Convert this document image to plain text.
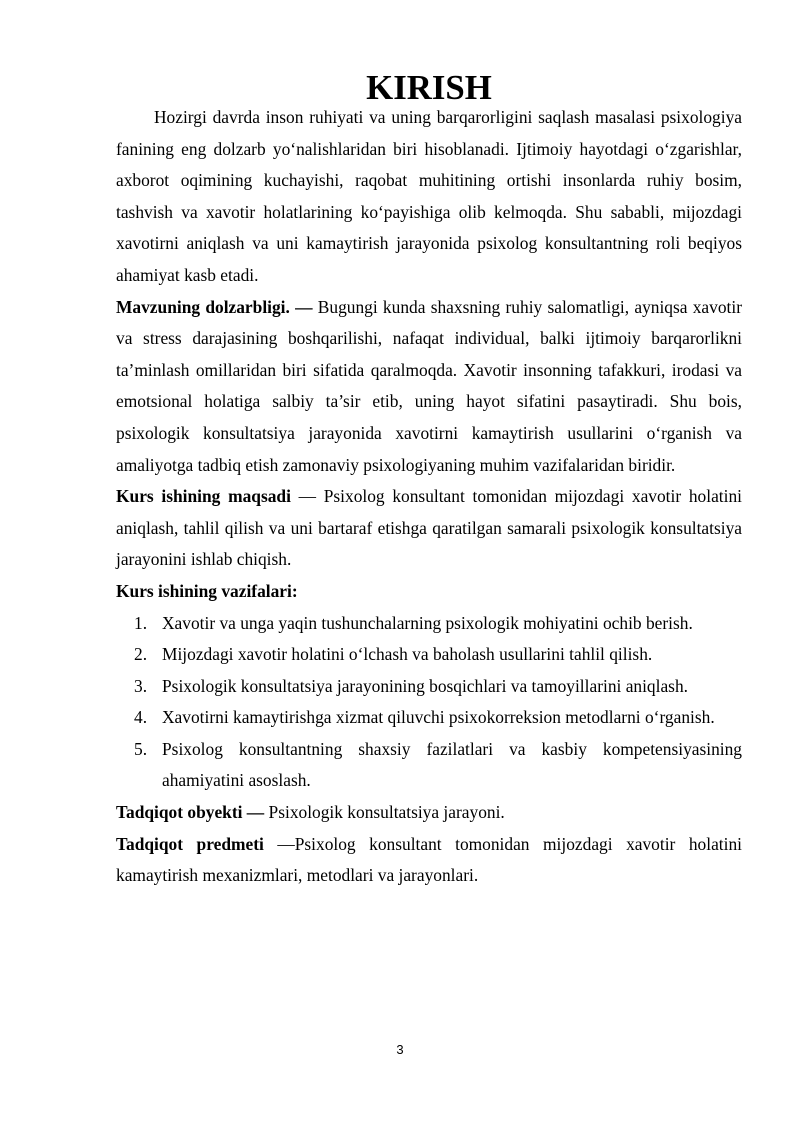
KIRISH

Hozirgi davrda inson ruhiyati va uning barqarorligini saqlash masalasi psixologiya fanining eng dolzarb yo‘nalishlaridan biri hisoblanadi. Ijtimoiy hayotdagi o‘zgarishlar, axborot oqimining kuchayishi, raqobat muhitining ortishi insonlarda ruhiy bosim, tashvish va xavotir holatlarining ko‘payishiga olib kelmoqda. Shu sababli, mijozdagi xavotirni aniqlash va uni kamaytirish jarayonida psixolog konsultantning roli beqiyos ahamiyat kasb etadi.

Mavzuning dolzarbligi. — Bugungi kunda shaxsning ruhiy salomatligi, ayniqsa xavotir va stress darajasining boshqarilishi, nafaqat individual, balki ijtimoiy barqarorlikni ta’minlash omillaridan biri sifatida qaralmoqda. Xavotir insonning tafakkuri, irodasi va emotsional holatiga salbiy ta’sir etib, uning hayot sifatini pasaytiradi. Shu bois, psixologik konsultatsiya jarayonida xavotirni kamaytirish usullarini o‘rganish va amaliyotga tadbiq etish zamonaviy psixologiyaning muhim vazifalaridan biridir.

Kurs ishining maqsadi — Psixolog konsultant tomonidan mijozdagi xavotir holatini aniqlash, tahlil qilish va uni bartaraf etishga qaratilgan samarali psixologik konsultatsiya jarayonini ishlab chiqish.

Kurs ishining vazifalari:

1. Xavotir va unga yaqin tushunchalarning psixologik mohiyatini ochib berish.
2. Mijozdagi xavotir holatini o‘lchash va baholash usullarini tahlil qilish.
3. Psixologik konsultatsiya jarayonining bosqichlari va tamoyillarini aniqlash.
4. Xavotirni kamaytirishga xizmat qiluvchi psixokorreksion metodlarni o‘rganish.
5. Psixolog konsultantning shaxsiy fazilatlari va kasbiy kompetensiyasining ahamiyatini asoslash.

Tadqiqot obyekti — Psixologik konsultatsiya jarayoni.

Tadqiqot predmeti —Psixolog konsultant tomonidan mijozdagi xavotir holatini kamaytirish mexanizmlari, metodlari va jarayonlari.

3
